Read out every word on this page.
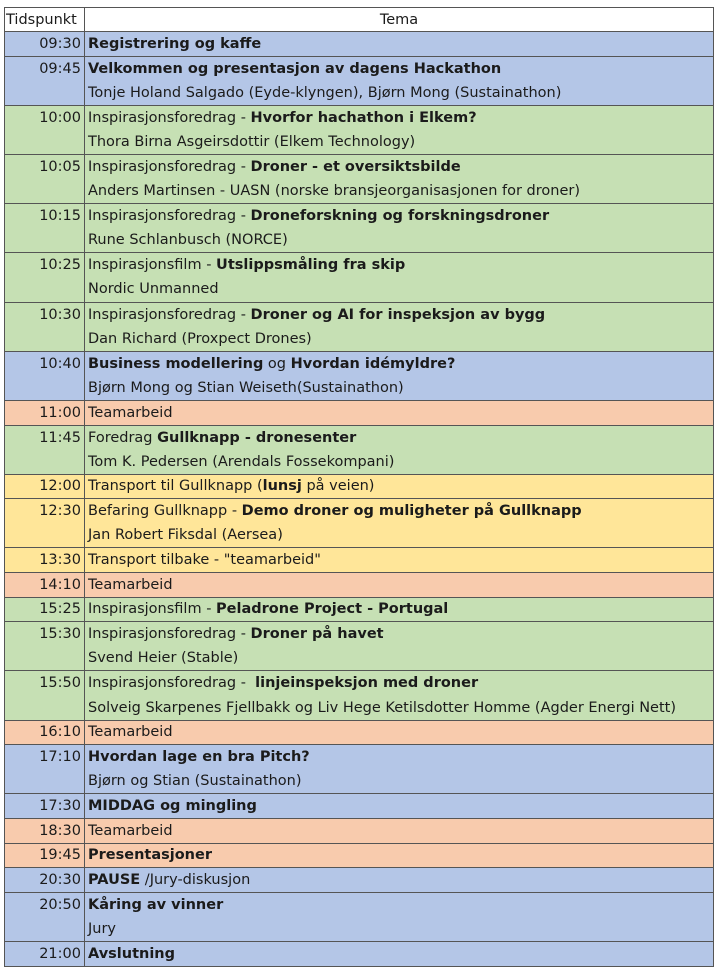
Tidspunkt	Tema
09:30	Registrering og kaffe
09:45	Velkommen og presentasjon av dagens Hackathon
	Tonje Holand Salgado (Eyde-klyngen), Bjørn Mong (Sustainathon)
10:00	Inspirasjonsforedrag - Hvorfor hachathon i Elkem?
	Thora Birna Asgeirsdottir (Elkem Technology)
10:05	Inspirasjonsforedrag - Droner - et oversiktsbilde
	Anders Martinsen - UASN (norske bransjeorganisasjonen for droner)
10:15	Inspirasjonsforedrag - Droneforskning og forskningsdroner
	Rune Schlanbusch (NORCE)
10:25	Inspirasjonsfilm - Utslippsmåling fra skip
	Nordic Unmanned
10:30	Inspirasjonsforedrag - Droner og AI for inspeksjon av bygg
	Dan Richard (Proxpect Drones)
10:40	Business modellering og Hvordan idémyldre?
	Bjørn Mong og Stian Weiseth(Sustainathon)
11:00	Teamarbeid
11:45	Foredrag Gullknapp - dronesenter
	Tom K. Pedersen (Arendals Fossekompani)
12:00	Transport til Gullknapp (lunsj på veien)
12:30	Befaring Gullknapp - Demo droner og muligheter på Gullknapp
	Jan Robert Fiksdal (Aersea)
13:30	Transport tilbake - "teamarbeid"
14:10	Teamarbeid
15:25	Inspirasjonsfilm - Peladrone Project - Portugal
15:30	Inspirasjonsforedrag - Droner på havet
	Svend Heier (Stable)
15:50	Inspirasjonsforedrag -  linjeinspeksjon med droner
	Solveig Skarpenes Fjellbakk og Liv Hege Ketilsdotter Homme (Agder Energi Nett)
16:10	Teamarbeid
17:10	Hvordan lage en bra Pitch?
	Bjørn og Stian (Sustainathon)
17:30	MIDDAG og mingling
18:30	Teamarbeid
19:45	Presentasjoner
20:30	PAUSE /Jury-diskusjon
20:50	Kåring av vinner
	Jury
21:00	Avslutning
